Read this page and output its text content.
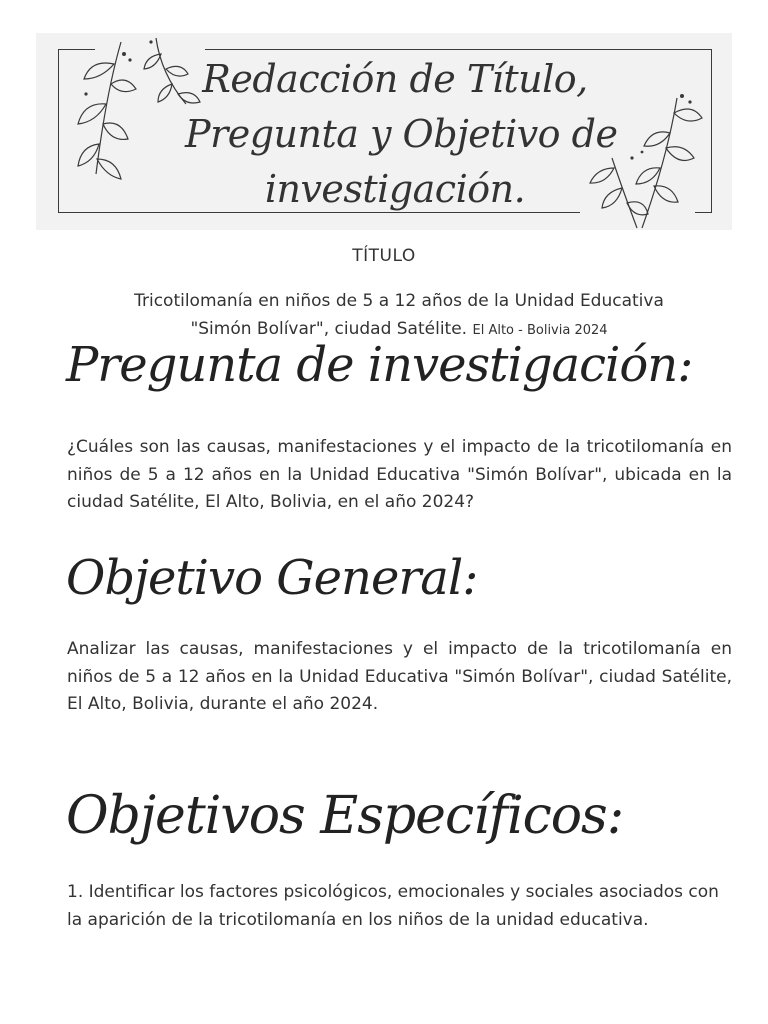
Redacción de Título,
Pregunta y Objetivo de
investigación.
TÍTULO
Tricotilomanía en niños de 5 a 12 años de la Unidad Educativa
"Simón Bolívar", ciudad Satélite. El Alto - Bolivia 2024
Pregunta de investigación:
¿Cuáles son las causas, manifestaciones y el impacto de la tricotilomanía en niños de 5 a 12 años en la Unidad Educativa "Simón Bolívar", ubicada en la ciudad Satélite, El Alto, Bolivia, en el año 2024?
Objetivo General:
Analizar las causas, manifestaciones y el impacto de la tricotilomanía en niños de 5 a 12 años en la Unidad Educativa "Simón Bolívar", ciudad Satélite, El Alto, Bolivia, durante el año 2024.
Objetivos Específicos:
1. Identificar los factores psicológicos, emocionales y sociales asociados con la aparición de la tricotilomanía en los niños de la unidad educativa.
